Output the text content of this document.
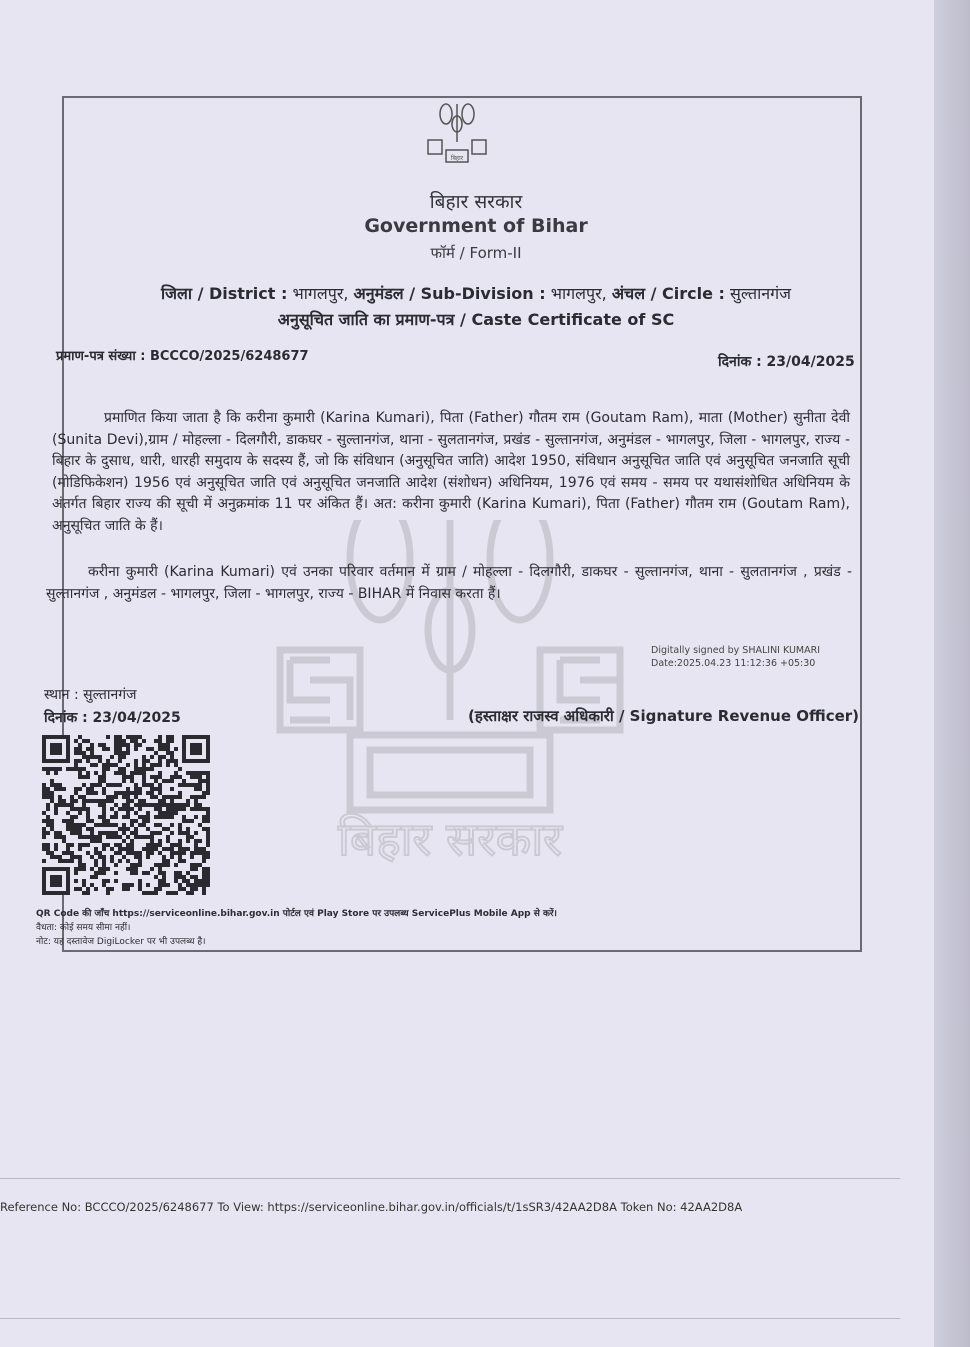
बिहार सरकार
बिहार
बिहार सरकार
Government of Bihar
फॉर्म / Form-II
जिला / District : भागलपुर, अनुमंडल / Sub-Division : भागलपुर, अंचल / Circle : सुल्तानगंज
अनुसूचित जाति का प्रमाण-पत्र / Caste Certificate of SC
प्रमाण-पत्र संख्या : BCCCO/2025/6248677	दिनांक : 23/04/2025
प्रमाणित किया जाता है कि करीना कुमारी (Karina Kumari), पिता (Father) गौतम राम (Goutam Ram), माता (Mother) सुनीता देवी (Sunita Devi),ग्राम / मोहल्ला - दिलगौरी, डाकघर - सुल्तानगंज, थाना - सुलतानगंज, प्रखंड - सुल्तानगंज, अनुमंडल - भागलपुर, जिला - भागलपुर, राज्य - बिहार के दुसाध, धारी, धारही समुदाय के सदस्य हैं, जो कि संविधान (अनुसूचित जाति) आदेश 1950, संविधान अनुसूचित जाति एवं अनुसूचित जनजाति सूची (मोडिफिकेशन) 1956 एवं अनुसूचित जाति एवं अनुसूचित जनजाति आदेश (संशोधन) अधिनियम, 1976 एवं समय - समय पर यथासंशोधित अधिनियम के अंतर्गत बिहार राज्य की सूची में अनुक्रमांक 11 पर अंकित हैं। अत: करीना कुमारी (Karina Kumari), पिता (Father) गौतम राम (Goutam Ram), अनुसूचित जाति के हैं।
करीना कुमारी (Karina Kumari) एवं उनका परिवार वर्तमान में ग्राम / मोहल्ला - दिलगौरी, डाकघर - सुल्तानगंज, थाना - सुलतानगंज , प्रखंड - सुल्तानगंज , अनुमंडल - भागलपुर, जिला - भागलपुर, राज्य - BIHAR में निवास करता हैं।
Digitally signed by SHALINI KUMARI
Date:2025.04.23 11:12:36 +05:30
स्थान : सुल्तानगंज
दिनांक : 23/04/2025	(हस्ताक्षर राजस्व अधिकारी / Signature Revenue Officer)
QR Code की जाँच https://serviceonline.bihar.gov.in पोर्टल एवं Play Store पर उपलब्ध ServicePlus Mobile App से करें।
वैधता: कोई समय सीमा नहीं।
नोट: यह दस्तावेज DigiLocker पर भी उपलब्ध है।
Reference No: BCCCO/2025/6248677 To View: https://serviceonline.bihar.gov.in/officials/t/1sSR3/42AA2D8A Token No: 42AA2D8A
